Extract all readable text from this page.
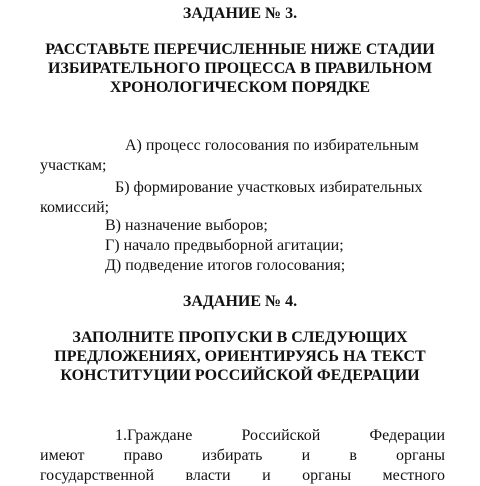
ЗАДАНИЕ № 3.

РАССТАВЬТЕ ПЕРЕЧИСЛЕННЫЕ НИЖЕ СТАДИИ ИЗБИРАТЕЛЬНОГО ПРОЦЕССА В ПРАВИЛЬНОМ ХРОНОЛОГИЧЕСКОМ ПОРЯДКЕ

А) процесс голосования по избирательным участкам;

Б) формирование участковых избирательных комиссий;

В) назначение выборов;

Г) начало предвыборной агитации;

Д) подведение итогов голосования;

ЗАДАНИЕ № 4.

ЗАПОЛНИТЕ ПРОПУСКИ В СЛЕДУЮЩИХ ПРЕДЛОЖЕНИЯХ, ОРИЕНТИРУЯСЬ НА ТЕКСТ КОНСТИТУЦИИ РОССИЙСКОЙ ФЕДЕРАЦИИ

1.Граждане Российской Федерации

имеют право избирать и в органы

государственной власти и органы местного
